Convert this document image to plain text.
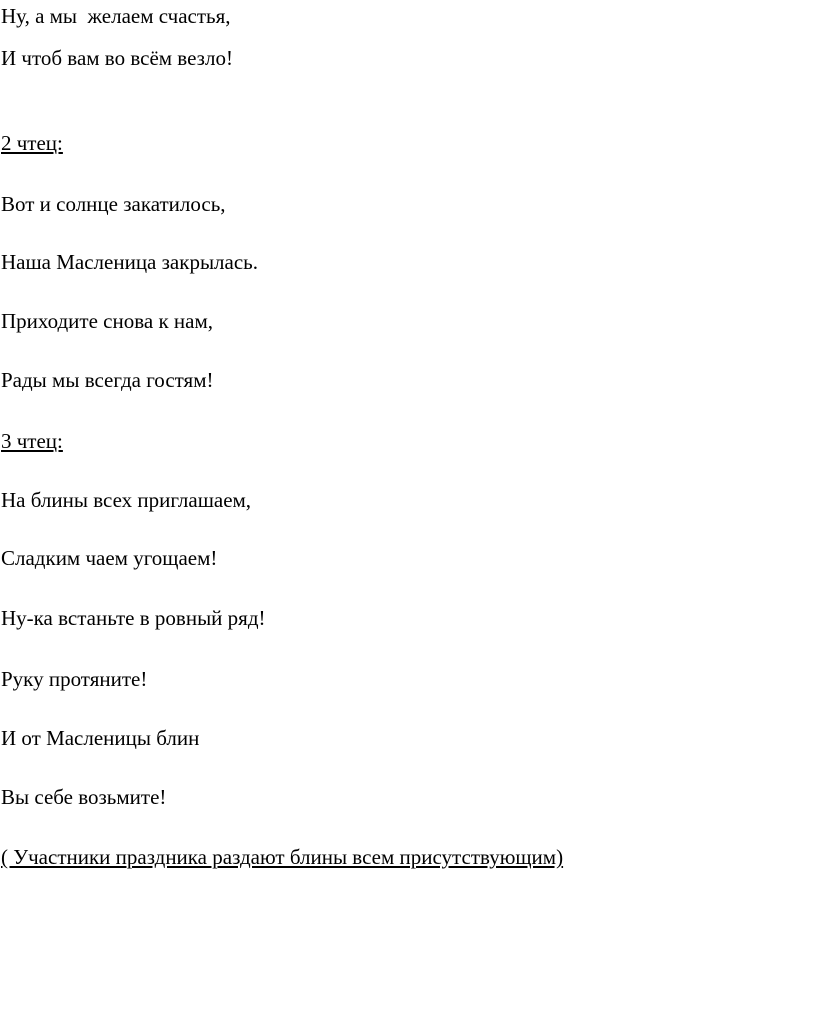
Ну, а мы  желаем счастья,
И чтоб вам во всём везло!
2 чтец:
Вот и солнце закатилось,
Наша Масленица закрылась.
Приходите снова к нам,
Рады мы всегда гостям!
3 чтец:
На блины всех приглашаем,
Сладким чаем угощаем!
Ну-ка встаньте в ровный ряд!
Руку протяните!
И от Масленицы блин
Вы себе возьмите!
( Участники праздника раздают блины всем присутствующим)
